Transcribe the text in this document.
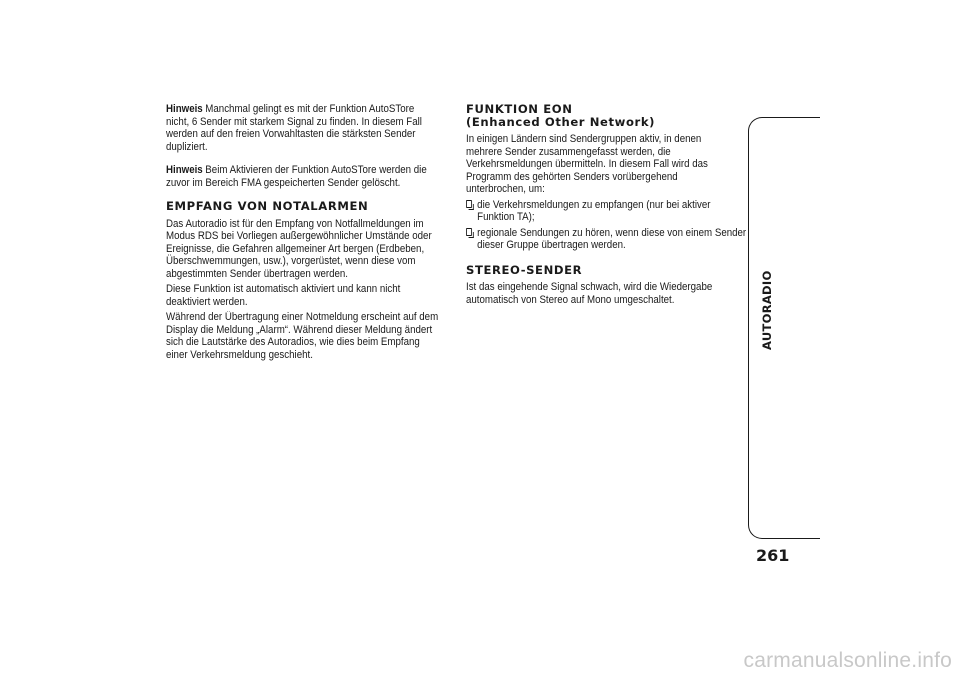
Hinweis Manchmal gelingt es mit der Funktion AutoSTore nicht, 6 Sender mit starkem Signal zu finden. In diesem Fall werden auf den freien Vorwahltasten die stärksten Sender dupliziert.

Hinweis Beim Aktivieren der Funktion AutoSTore werden die zuvor im Bereich FMA gespeicherten Sender gelöscht.

EMPFANG VON NOTALARMEN

Das Autoradio ist für den Empfang von Notfallmeldungen im Modus RDS bei Vorliegen außergewöhnlicher Umstände oder Ereignisse, die Gefahren allgemeiner Art bergen (Erdbeben, Überschwemmungen, usw.), vorgerüstet, wenn diese vom abgestimmten Sender übertragen werden.

Diese Funktion ist automatisch aktiviert und kann nicht deaktiviert werden.

Während der Übertragung einer Notmeldung erscheint auf dem Display die Meldung „Alarm“. Während dieser Meldung ändert sich die Lautstärke des Autoradios, wie dies beim Empfang einer Verkehrsmeldung geschieht.

FUNKTION EON
(Enhanced Other Network)

In einigen Ländern sind Sendergruppen aktiv, in denen mehrere Sender zusammengefasst werden, die Verkehrsmeldungen übermitteln. In diesem Fall wird das Programm des gehörten Senders vorübergehend unterbrochen, um:

die Verkehrsmeldungen zu empfangen (nur bei aktiver Funktion TA);
regionale Sendungen zu hören, wenn diese von einem Sender dieser Gruppe übertragen werden.
STEREO-SENDER

Ist das eingehende Signal schwach, wird die Wiedergabe automatisch von Stereo auf Mono umgeschaltet.	AUTORADIO
261
carmanualsonline.info
